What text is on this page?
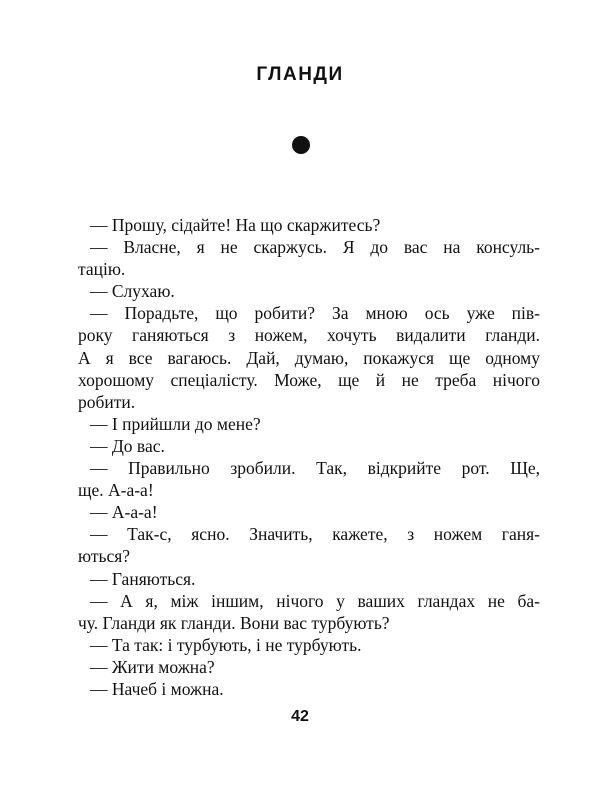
ГЛАНДИ

— Прошу, сідайте! На що скаржитесь?

— Власне, я не скаржусь. Я до вас на консуль-

тацію.

— Слухаю.

— Порадьте, що робити? За мною ось уже пів-

року ганяються з ножем, хочуть видалити гланди.

А я все вагаюсь. Дай, думаю, покажуся ще одному

хорошому спеціалісту. Може, ще й не треба нічого

робити.

— І прийшли до мене?

— До вас.

— Правильно зробили. Так, відкрийте рот. Ще,

ще. А-а-а!

— А-а-а!

— Так-с, ясно. Значить, кажете, з ножем ганя-

ються?

— Ганяються.

— А я, між іншим, нічого у ваших гландах не ба-

чу. Гланди як гланди. Вони вас турбують?

— Та так: і турбують, і не турбують.

— Жити можна?

— Начеб і можна.

42
